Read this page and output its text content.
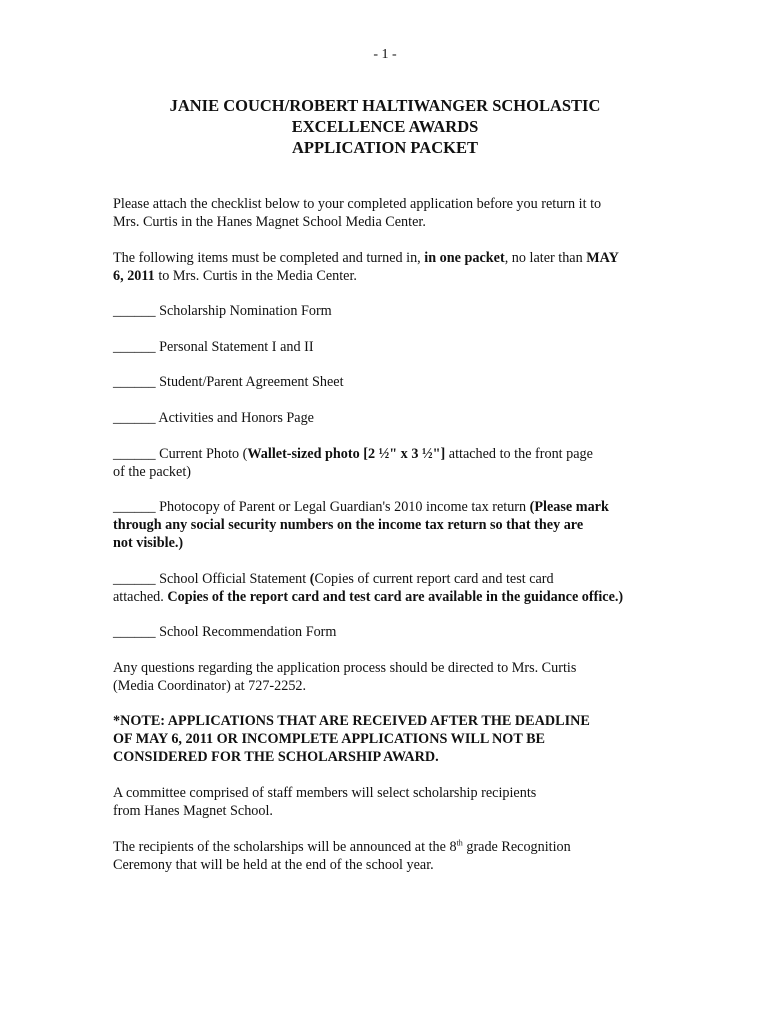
- 1 -
JANIE COUCH/ROBERT HALTIWANGER SCHOLASTIC
EXCELLENCE AWARDS
APPLICATION PACKET
Please attach the checklist below to your completed application before you return it to
Mrs. Curtis in the Hanes Magnet School Media Center.
The following items must be completed and turned in, in one packet, no later than MAY
6, 2011 to Mrs. Curtis in the Media Center.
______ Scholarship Nomination Form
______ Personal Statement I and II
______ Student/Parent Agreement Sheet
______ Activities and Honors Page
______ Current Photo (Wallet-sized photo [2 ½" x 3 ½"] attached to the front page
of the packet)
______ Photocopy of Parent or Legal Guardian's 2010 income tax return (Please mark
through any social security numbers on the income tax return so that they are
not visible.)
______ School Official Statement (Copies of current report card and test card
attached. Copies of the report card and test card are available in the guidance office.)
______ School Recommendation Form
Any questions regarding the application process should be directed to Mrs. Curtis
(Media Coordinator) at 727-2252.
*NOTE: APPLICATIONS THAT ARE RECEIVED AFTER THE DEADLINE
OF MAY 6, 2011 OR INCOMPLETE APPLICATIONS WILL NOT BE
CONSIDERED FOR THE SCHOLARSHIP AWARD.
A committee comprised of staff members will select scholarship recipients
from Hanes Magnet School.
The recipients of the scholarships will be announced at the 8th grade Recognition
Ceremony that will be held at the end of the school year.
